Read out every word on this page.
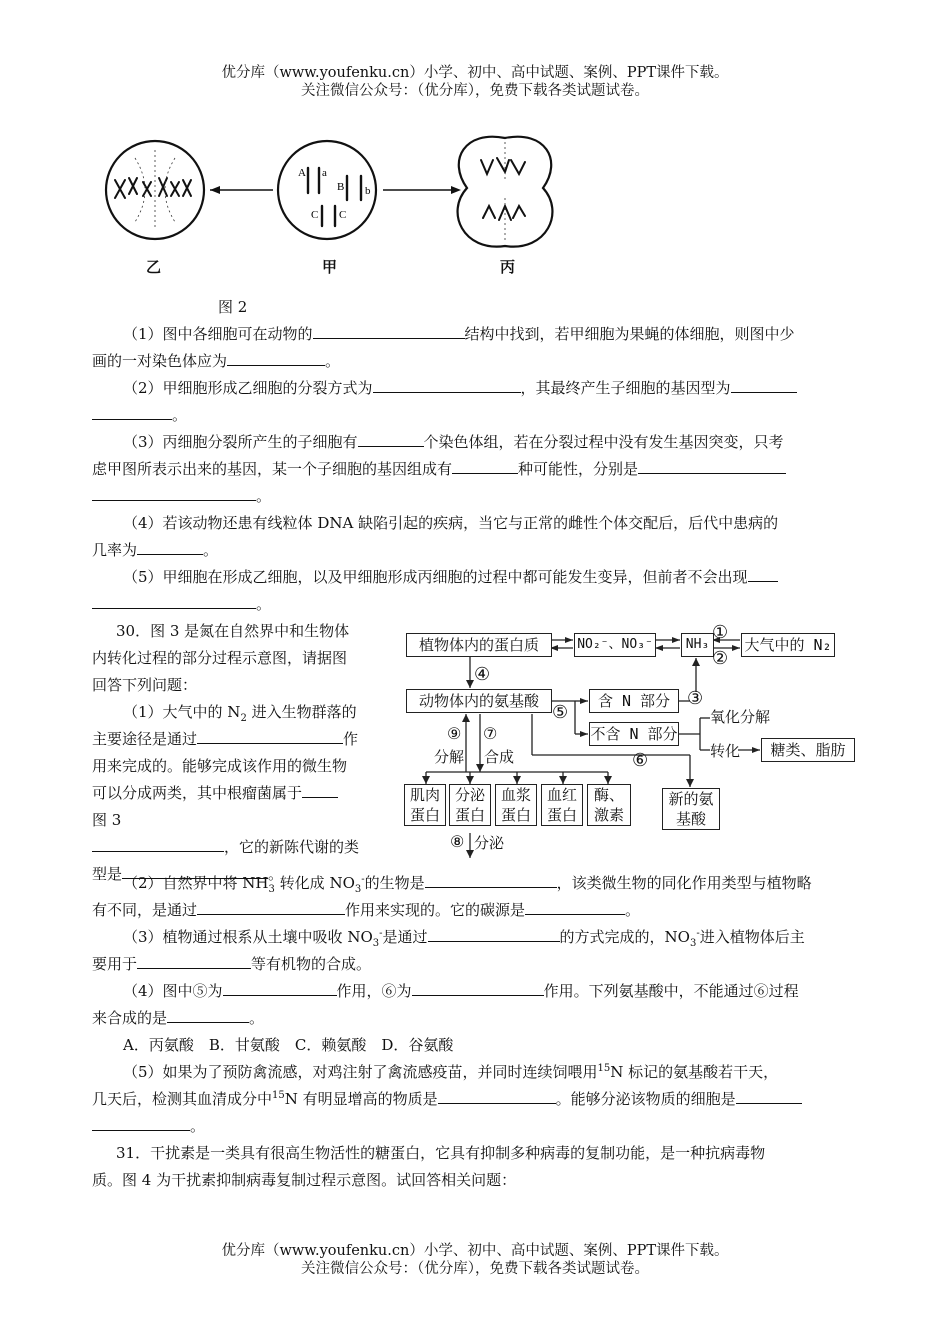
优分库（www.youfenku.cn）小学、初中、高中试题、案例、PPT课件下载。
关注微信公众号：（优分库），免费下载各类试题试卷。
A a
B b
C C
乙	甲	丙
图 2
（1）图中各细胞可在动物的	结构中找到，若甲细胞为果蝇的体细胞，则图中少
画的一对染色体应为	。
（2）甲细胞形成乙细胞的分裂方式为	，其最终产生子细胞的基因型为
。
（3）丙细胞分裂所产生的子细胞有	个染色体组，若在分裂过程中没有发生基因突变，只考
虑甲图所表示出来的基因，某一个子细胞的基因组成有	种可能性，分别是
。
（4）若该动物还患有线粒体 DNA 缺陷引起的疾病，当它与正常的雌性个体交配后，后代中患病的
几率为	。
（5）甲细胞在形成乙细胞，以及甲细胞形成丙细胞的过程中都可能发生变异，但前者不会出现
。
30．图 3 是氮在自然界中和生物体
内转化过程的部分过程示意图，请据图
回答下列问题：
（1）大气中的 $N_2$ 进入生物群落的
主要途径是通过	作
用来完成的。能够完成该作用的微生物
可以分成两类，其中根瘤菌属于
图 3
，它的新陈代谢的类
型是	。
植物体内的蛋白质	NO₂⁻、NO₃⁻	NH₃	大气中的 N₂
动物体内的氨基酸	含 N 部分
不含 N 部分
糖类、脂肪
肌肉蛋白
分泌蛋白
血浆蛋白
血红蛋白
酶、激素
新的氨基酸
①
②
④
⑤
③
氧化分解
转化
⑥
⑨ ⑦
分解 合成
⑧ 分泌
（2）自然界中将 $NH_3$ 转化成 $NO_3^-$的生物是	，该类微生物的同化作用类型与植物略
有不同，是通过	作用来实现的。它的碳源是	。
（3）植物通过根系从土壤中吸收 $NO_3^-$是通过	的方式完成的，$NO_3^-$进入植物体后主
要用于	等有机物的合成。
（4）图中⑤为	作用，⑥为	作用。下列氨基酸中，不能通过⑥过程
来合成的是	。
A．丙氨酸　B．甘氨酸　C．赖氨酸　D．谷氨酸
（5）如果为了预防禽流感，对鸡注射了禽流感疫苗，并同时连续饲喂用$^{15}$N 标记的氨基酸若干天，
几天后，检测其血清成分中$^{15}$N 有明显增高的物质是	。能够分泌该物质的细胞是
。
31．干扰素是一类具有很高生物活性的糖蛋白，它具有抑制多种病毒的复制功能，是一种抗病毒物
质。图 4 为干扰素抑制病毒复制过程示意图。试回答相关问题：
优分库（www.youfenku.cn）小学、初中、高中试题、案例、PPT课件下载。
关注微信公众号：（优分库），免费下载各类试题试卷。
